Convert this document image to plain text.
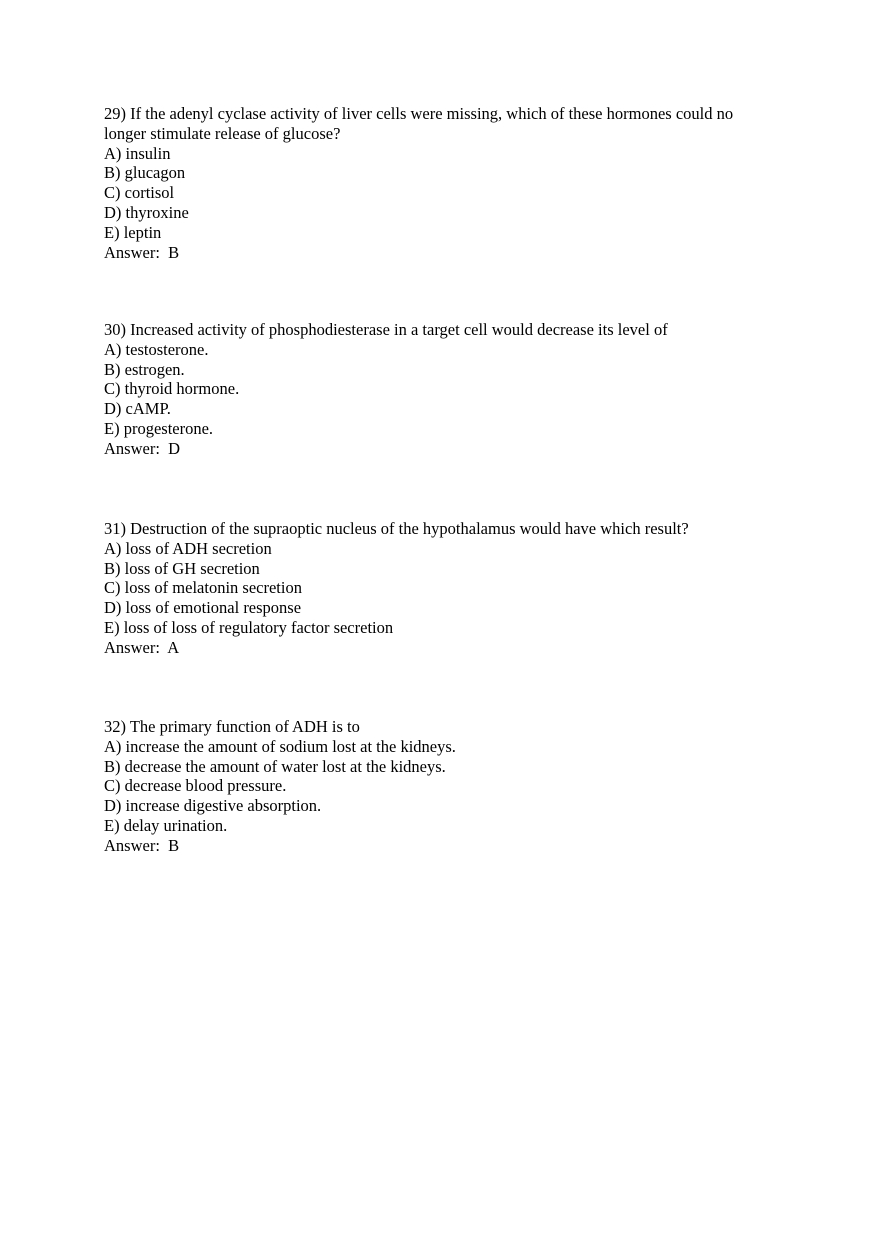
29) If the adenyl cyclase activity of liver cells were missing, which of these hormones could no longer stimulate release of glucose?
A) insulin
B) glucagon
C) cortisol
D) thyroxine
E) leptin
Answer:  B
30) Increased activity of phosphodiesterase in a target cell would decrease its level of
A) testosterone.
B) estrogen.
C) thyroid hormone.
D) cAMP.
E) progesterone.
Answer:  D
31) Destruction of the supraoptic nucleus of the hypothalamus would have which result?
A) loss of ADH secretion
B) loss of GH secretion
C) loss of melatonin secretion
D) loss of emotional response
E) loss of loss of regulatory factor secretion
Answer:  A
32) The primary function of ADH is to
A) increase the amount of sodium lost at the kidneys.
B) decrease the amount of water lost at the kidneys.
C) decrease blood pressure.
D) increase digestive absorption.
E) delay urination.
Answer:  B
